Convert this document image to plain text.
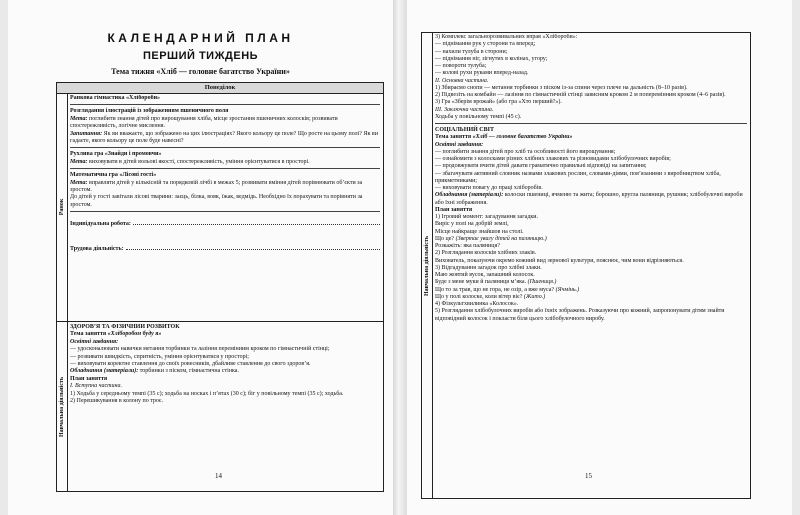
КАЛЕНДАРНИЙ ПЛАН
ПЕРШИЙ ТИЖДЕНЬ
Тема тижня «Хліб — головне багатство України»
Понеділок
Ранок

Ранкова гімнастика «Хлібороби»

Розглядання ілюстрацій із зображенням пшеничного поля

Мета: поглибити знання дітей про вирощування хліба, місце зростання пшеничних колосків; розвивати спостережливість, логічне мислення.

Запитання: Як ви вважаєте, що зображено на цих ілюстраціях? Якого кольору це поле? Що росте на цьому полі? Як ви гадаєте, якого кольору це поле буде навесні?

Рухлива гра «Знайди і промовчи»

Мета: виховувати в дітей вольові якості, спостережливість, уміння орієнтуватися в просторі.

Математична гра «Лісові гості»

Мета: вправляти дітей у кількісній та порядковій лічбі в межах 5; розвивати вміння дітей порівнювати об’єкти за зростом.

До дітей у гості завітали лісові тварини: заєць, білка, вовк, їжак, ведмідь. Необхідно їх порахувати та порівняти за зростом.

Індивідуальна робота:
Трудова діяльність:
Навчальна діяльність

ЗДОРОВ’Я ТА ФІЗИЧНИЙ РОЗВИТОК

Тема заняття «Хліборобом буду я»

Освітні завдання:

— удосконалювати навички метання торбинки та лазіння переміниим кроком по гімнастичній стінці;

— розвивати швидкість, спритність, уміння орієнтуватися у просторі;

— виховувати коректне ставлення до своїх ровесників, дбайливе ставлення до свого здоров’я.

Обладнання (матеріали): торбинки з піском, гімнастична стінка.

План заняття

I. Вступна частина.

1) Ходьба у середньому темпі (35 с); ходьба на носках і п’ятах (30 с); біг у повільному темпі (35 с); ходьба.

2) Перешикування в колону по троє.

14
Навчальна діяльність

3) Комплекс загальнорозвивальних вправ «Хлібороби»:

— піднімання рук у сторони та вперед;

— нахили тулуба в сторони;

— піднімання ніг, зігнутих в колінах, угору;

— повороти тулуба;

— колові рухи руками вперед-назад.

II. Основна частина.

1) Збираємо снопи — метання торбинки з піском із-за спини через плече на дальність (8–10 разів).

2) Підвезіть на комбайн — лазіння по гімнастичній стінці зависним кроком 2 м поперемінним кроком (4–6 разів).

3) Гра «Зберім врожай» (або гра «Хто перший?»).

III. Заключна частина.

Ходьба у повільному темпі (45 с).

СОЦІАЛЬНИЙ СВІТ

Тема заняття «Хліб — головне багатство України»

Освітні завдання:

— поглибити знання дітей про хліб та особливості його вирощування;

— ознайомити з колосками різних хлібних злакових та різновидами хлібобулочних виробів;

— продовжувати вчити дітей давати граматично правильні відповіді на запитання;

— збагачувати активний словник назвами злакових рослин, словами-діями, пов’язаними з виробництвом хліба, прикметниками;

— виховувати повагу до праці хліборобів.

Обладнання (матеріали): колоски пшениці, ячменю та жита; борошно, кругла паляниця, рушник; хлібобулочні вироби або їхні зображення.

План заняття

1) Ігровий момент: загадування загадки.

Виріс у полі на добрій землі,

Місце найкраще знайшов на столі.

Що це? (Звертає увагу дітей на паляницю.)

Розкажіть: яка паляниця?

2) Розглядання колосків хлібних злаків.

Вихователь, показуючи окремо кожний вид зернової культури, пояснює, чим вони відрізняються.

3) Відгадування загадок про хлібні злаки.

Маю жовтий вусок, запашний колосок.

Буде з мене муки й паляниця м’яка. (Пшениця.)

Що то за трав, що не гора, не озір, а вже муса? (Ячмінь.)

Що у полі колоске, коли вітер віє? (Жито.)

4) Фізкультхвилинка «Колосок».

5) Розглядання хлібобулочних виробів або їхніх зображень. Розказуючи про кожний, запропонувати дітям знайти відповідний колосок і покласти біля цього хлібобулочного виробу.

15
